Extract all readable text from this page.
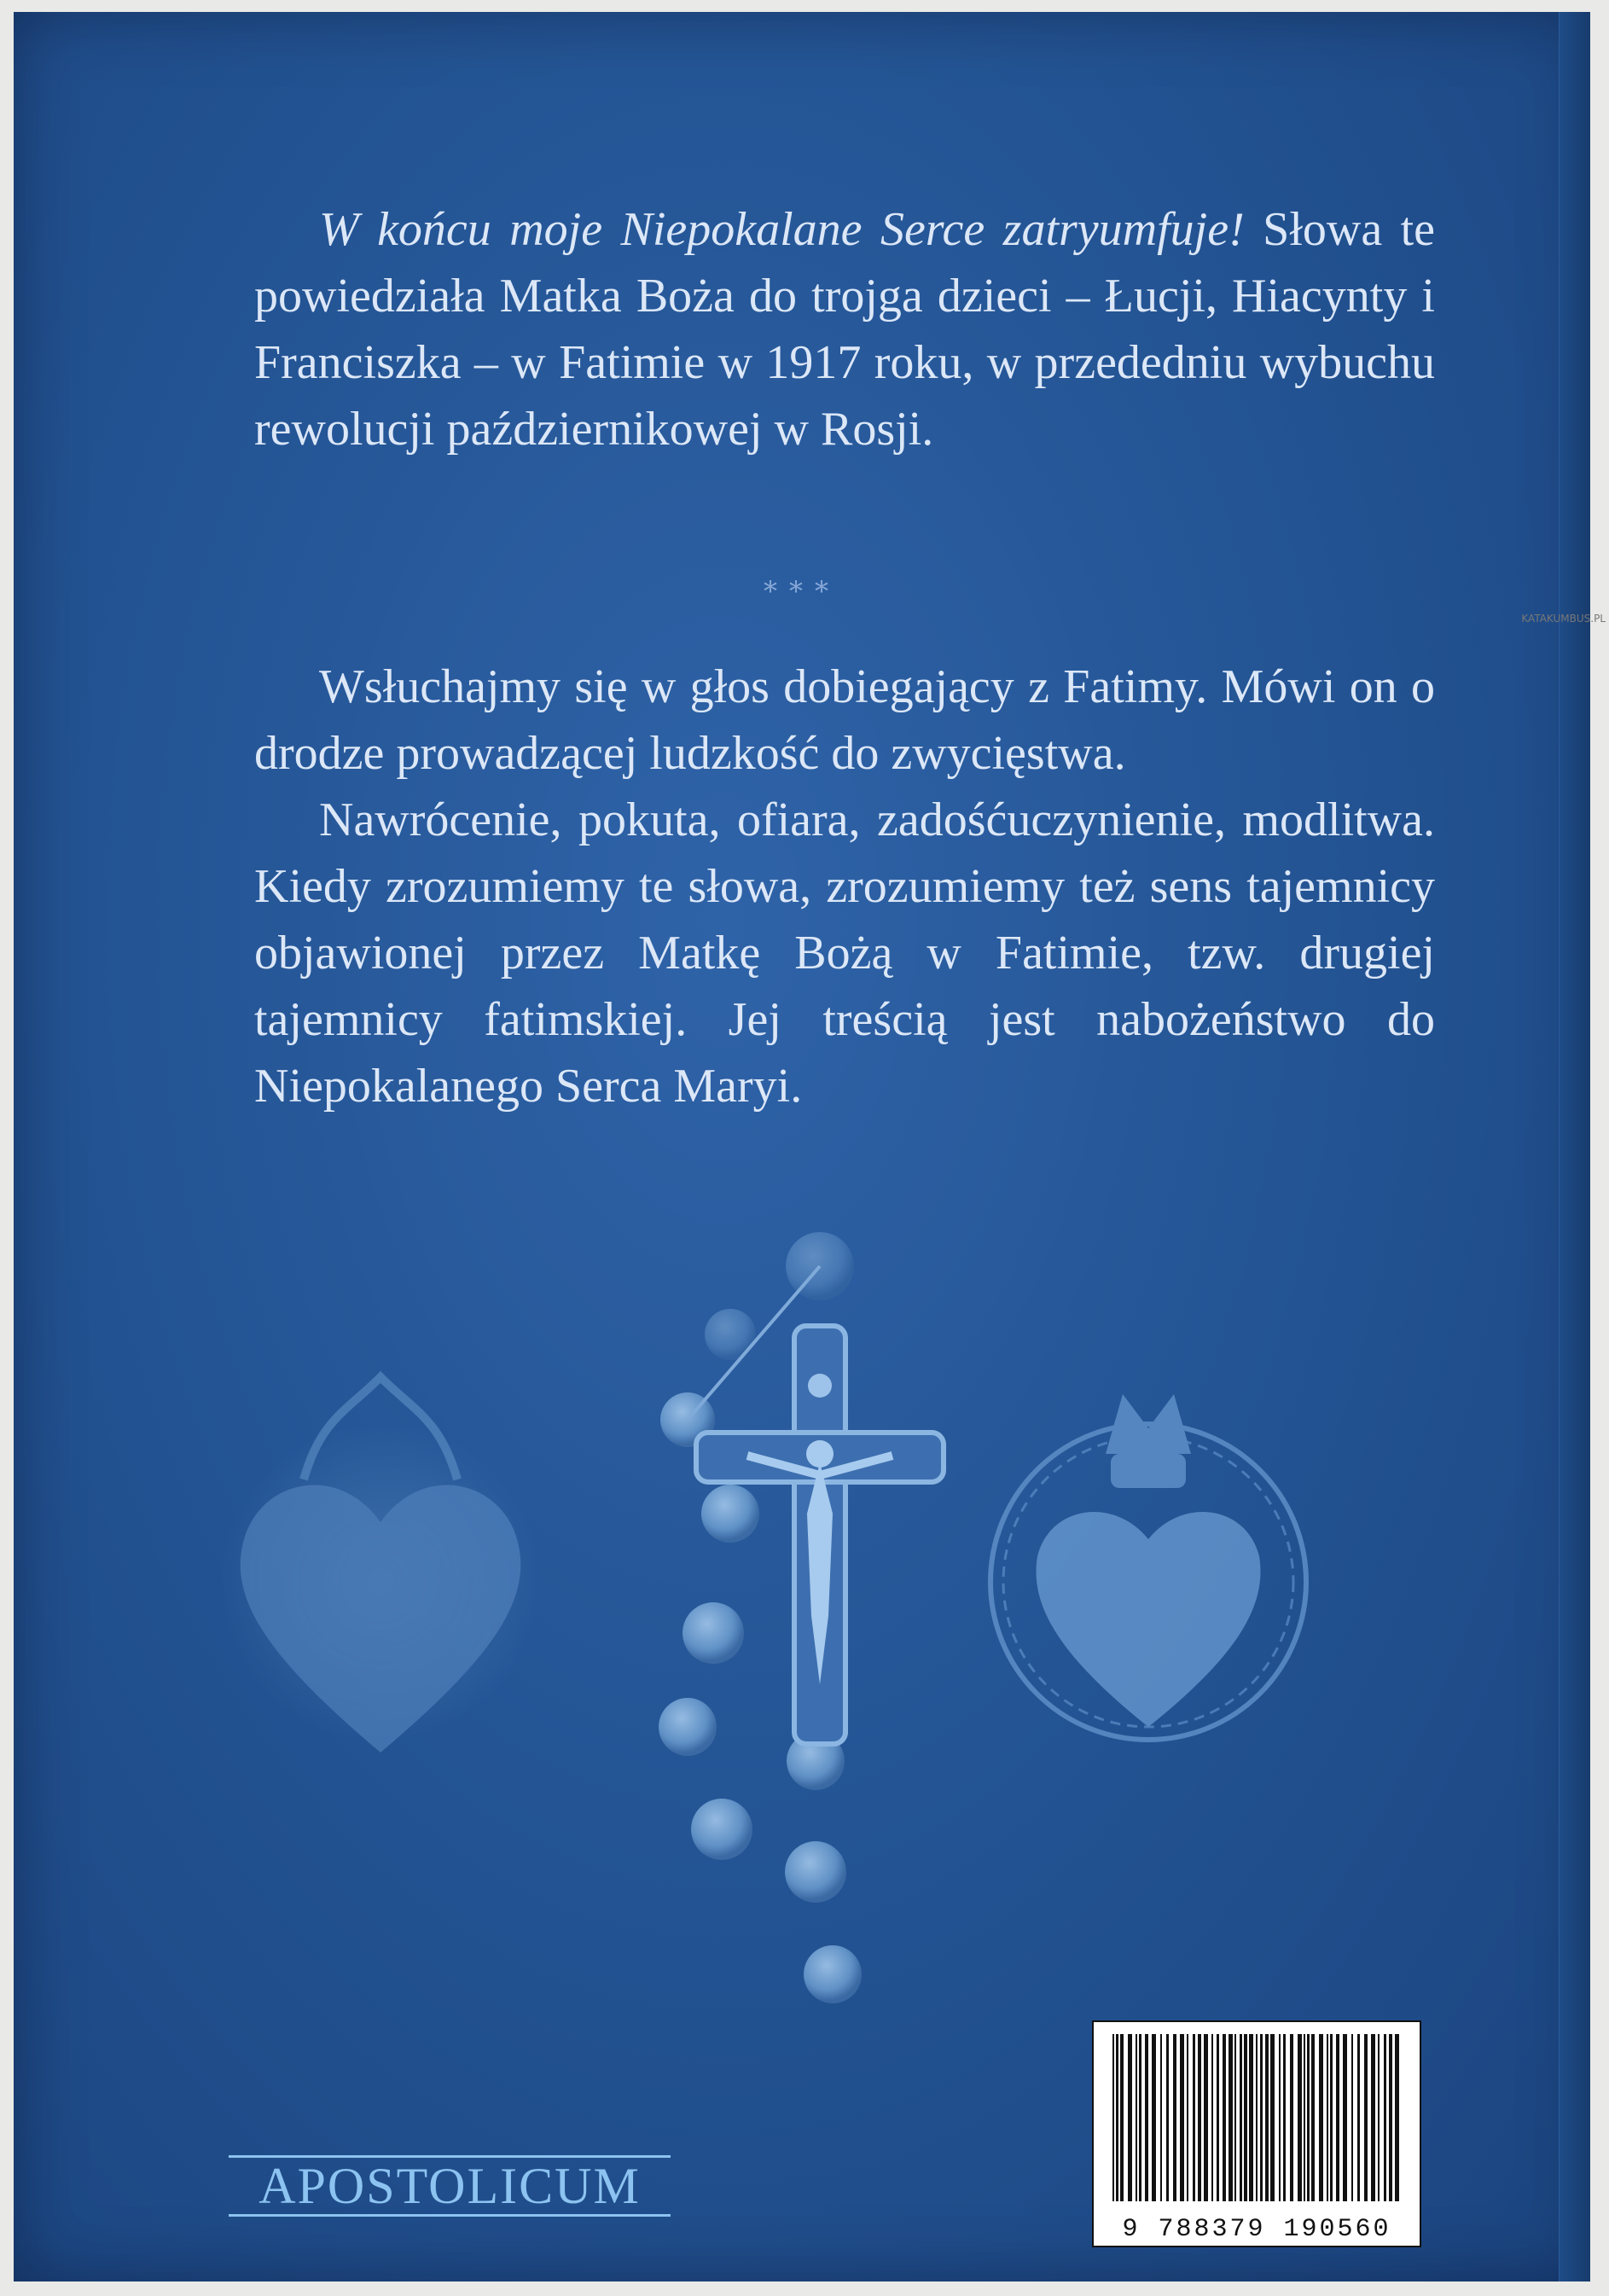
W końcu moje Niepokalane Serce zatryumfuje! Słowa te powiedziała Matka Boża do trojga dzieci – Łucji, Hiacynty i Franciszka – w Fatimie w 1917 roku, w przededniu wybuchu rewolucji październikowej w Rosji.

***

Wsłuchajmy się w głos dobiegający z Fatimy. Mówi on o drodze prowadzącej ludzkość do zwycięstwa.

Nawrócenie, pokuta, ofiara, zadośćuczynienie, modlitwa. Kiedy zrozumiemy te słowa, zrozumiemy też sens tajemnicy objawionej przez Matkę Bożą w Fatimie, tzw. drugiej tajemnicy fatimskiej. Jej treścią jest nabożeństwo do Niepokalanego Serca Maryi.

APOSTOLICUM
9 788379 190560
KATAKUMBUS.PL
